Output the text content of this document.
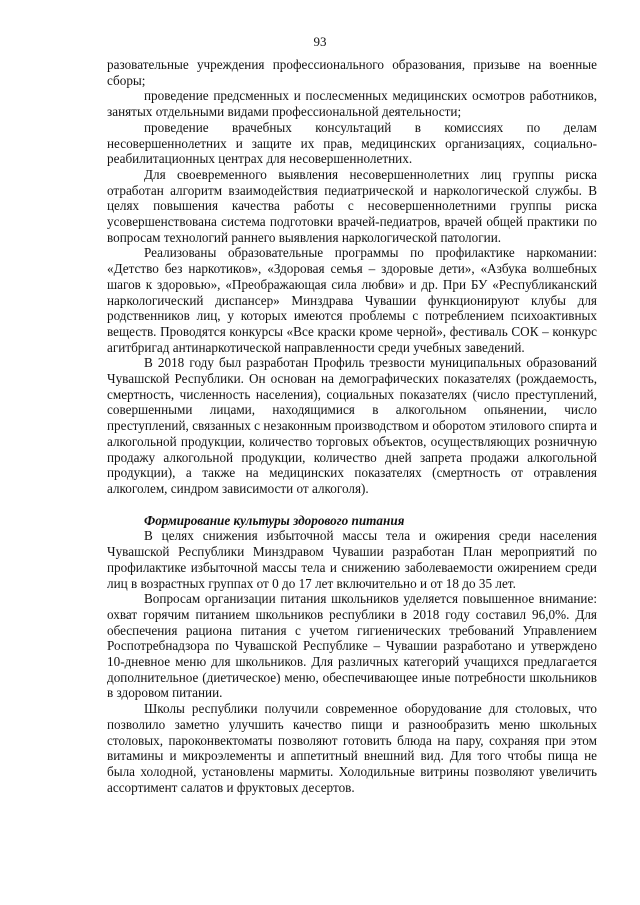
93

разовательные учреждения профессионального образования, призыве на военные сборы;

проведение предсменных и послесменных медицинских осмотров работников, занятых отдельными видами профессиональной деятельности;

проведение врачебных консультаций в комиссиях по делам несовершеннолетних и защите их прав, медицинских организациях, социально-реабилитационных центрах для несовершеннолетних.

Для своевременного выявления несовершеннолетних лиц группы риска отработан алгоритм взаимодействия педиатрической и наркологической службы. В целях повышения качества работы с несовершеннолетними группы риска усовершенствована система подготовки врачей-педиатров, врачей общей практики по вопросам технологий раннего выявления наркологической патологии.

Реализованы образовательные программы по профилактике наркомании: «Детство без наркотиков», «Здоровая семья – здоровые дети», «Азбука волшебных шагов к здоровью», «Преображающая сила любви» и др. При БУ «Республиканский наркологический диспансер» Минздрава Чувашии функционируют клубы для родственников лиц, у которых имеются проблемы с потреблением психоактивных веществ. Проводятся конкурсы «Все краски кроме черной», фестиваль СОК – конкурс агитбригад антинаркотической направленности среди учебных заведений.

В 2018 году был разработан Профиль трезвости муниципальных образований Чувашской Республики. Он основан на демографических показателях (рождаемость, смертность, численность населения), социальных показателях (число преступлений, совершенными лицами, находящимися в алкогольном опьянении, число преступлений, связанных с незаконным производством и оборотом этилового спирта и алкогольной продукции, количество торговых объектов, осуществляющих розничную продажу алкогольной продукции, количество дней запрета продажи алкогольной продукции), а также на медицинских показателях (смертность от отравления алкоголем, синдром зависимости от алкоголя).

Формирование культуры здорового питания

В целях снижения избыточной массы тела и ожирения среди населения Чувашской Республики Минздравом Чувашии разработан План мероприятий по профилактике избыточной массы тела и снижению заболеваемости ожирением среди лиц в возрастных группах от 0 до 17 лет включительно и от 18 до 35 лет.

Вопросам организации питания школьников уделяется повышенное внимание: охват горячим питанием школьников республики в 2018 году составил 96,0%. Для обеспечения рациона питания с учетом гигиенических требований Управлением Роспотребнадзора по Чувашской Республике – Чувашии разработано и утверждено 10-дневное меню для школьников. Для различных категорий учащихся предлагается дополнительное (диетическое) меню, обеспечивающее иные потребности школьников в здоровом питании.

Школы республики получили современное оборудование для столовых, что позволило заметно улучшить качество пищи и разнообразить меню школьных столовых, пароконвектоматы позволяют готовить блюда на пару, сохраняя при этом витамины и микроэлементы и аппетитный внешний вид. Для того чтобы пища не была холодной, установлены мармиты. Холодильные витрины позволяют увеличить ассортимент салатов и фруктовых десертов.
